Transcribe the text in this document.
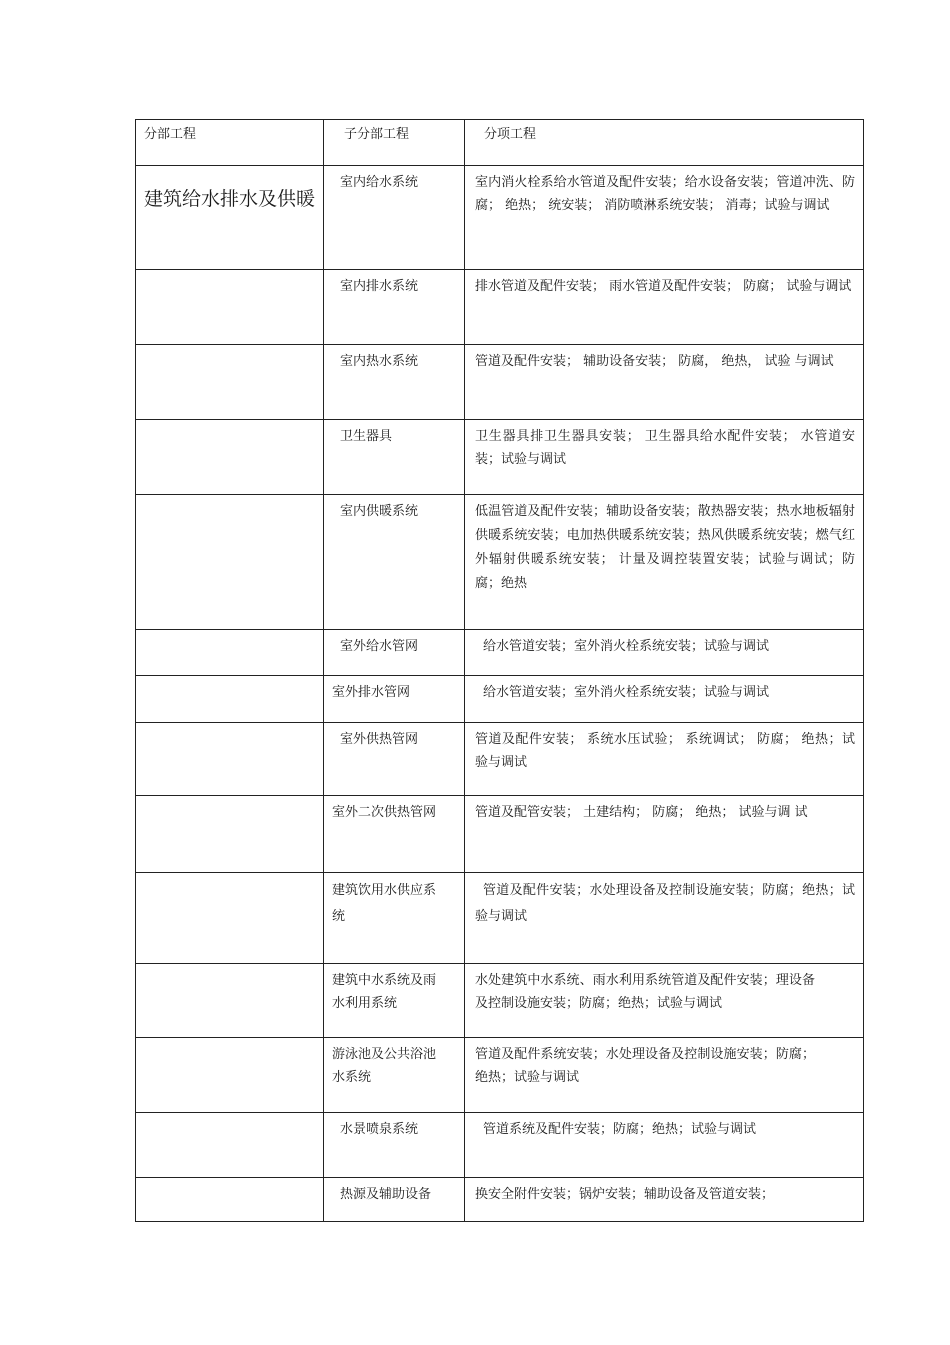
分部工程	子分部工程	分项工程

建筑给水排水及供暖	室内给水系统	室内消火栓系给水管道及配件安装；给水设备安装；管道冲洗、防腐； 绝热； 统安装； 消防喷淋系统安装； 消毒；试验与调试

	室内排水系统	排水管道及配件安装； 雨水管道及配件安装； 防腐； 试验与调试

	室内热水系统	管道及配件安装； 辅助设备安装； 防腐， 绝热， 试验 与调试

	卫生器具	卫生器具排卫生器具安装； 卫生器具给水配件安装； 水管道安装；试验与调试

	室内供暖系统	低温管道及配件安装；辅助设备安装；散热器安装；热水地板辐射供暖系统安装；电加热供暖系统安装；热风供暖系统安装；燃气红外辐射供暖系统安装； 计量及调控装置安装；试验与调试；防腐；绝热

	室外给水管网	给水管道安装；室外消火栓系统安装；试验与调试

	室外排水管网	给水管道安装；室外消火栓系统安装；试验与调试

	室外供热管网	管道及配件安装； 系统水压试验； 系统调试； 防腐； 绝热；试验与调试

	室外二次供热管网	管道及配管安装； 土建结构； 防腐； 绝热； 试验与调 试

	建筑饮用水供应系统	管道及配件安装；水处理设备及控制设施安装；防腐；绝热；试验与调试

	建筑中水系统及雨水利用系统	水处建筑中水系统、雨水利用系统管道及配件安装；理设备及控制设施安装；防腐；绝热；试验与调试

	游泳池及公共浴池水系统	管道及配件系统安装；水处理设备及控制设施安装；防腐；绝热；试验与调试

	水景喷泉系统	管道系统及配件安装；防腐；绝热；试验与调试

	热源及辅助设备	换安全附件安装；锅炉安装；辅助设备及管道安装；
